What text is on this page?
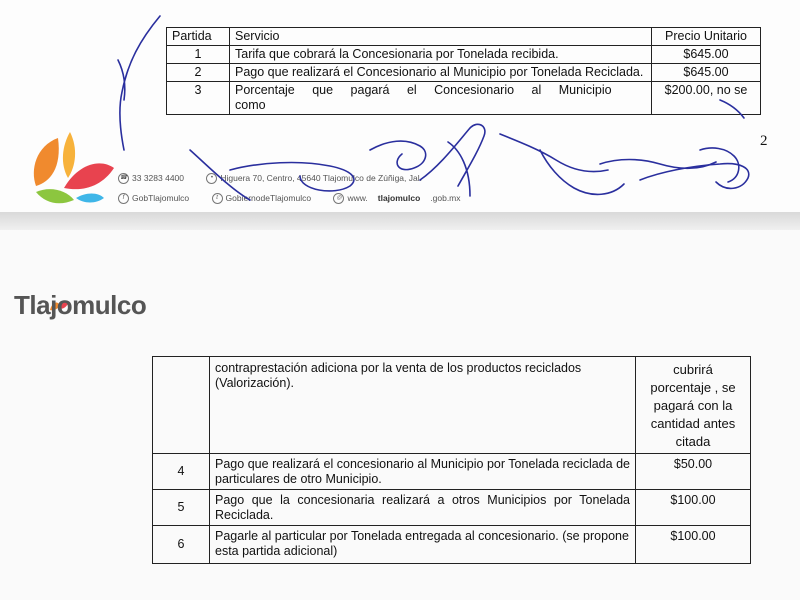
Partida	Servicio	Precio Unitario
1	Tarifa que cobrará la Concesionaria por Tonelada recibida.	$645.00
2	Pago que realizará el Concesionario al Municipio por Tonelada Reciclada.	$645.00
3	Porcentaje que pagará el Concesionario al Municipio como	$200.00, no se
2
☎ 33 3283 4400	• Higuera 70, Centro, 45640 Tlajomulco de Zúñiga, Jal.
f GobTlajomulco	t GobiernodeTlajomulco	◎ www. tlajomulco .gob.mx
Tlajomulco
	contraprestación adiciona por la venta de los productos reciclados (Valorización).	cubrirá porcentaje , se pagará con la cantidad antes citada
4	Pago que realizará el concesionario al Municipio por Tonelada reciclada de particulares de otro Municipio.	$50.00
5	Pago que la concesionaria realizará a otros Municipios por Tonelada Reciclada.	$100.00
6	Pagarle al particular por Tonelada entregada al concesionario. (se propone esta partida adicional)	$100.00
